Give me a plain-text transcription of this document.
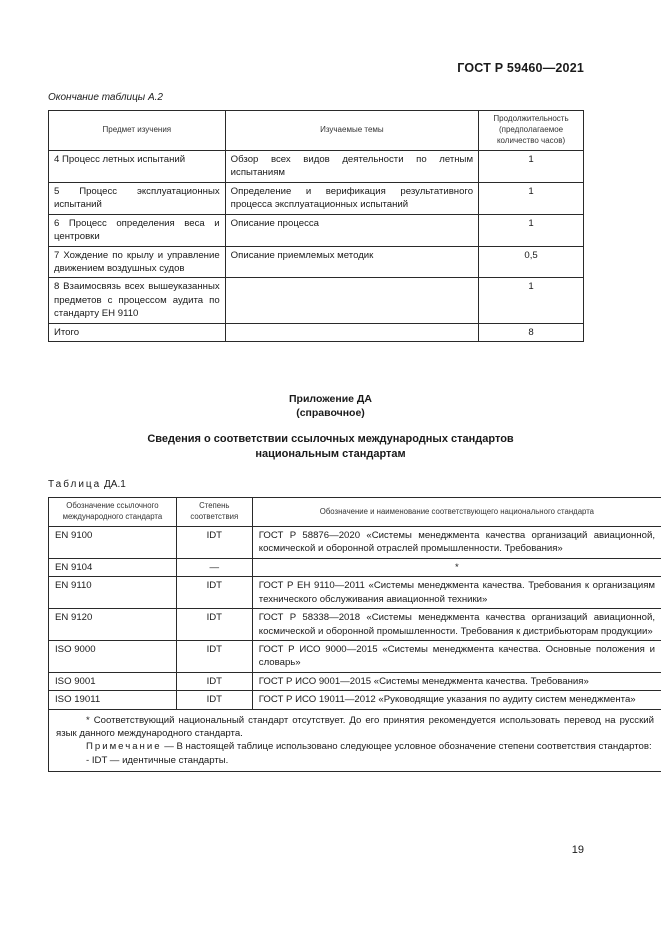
ГОСТ Р 59460—2021
Окончание таблицы А.2
Предмет изучения	Изучаемые темы	Продолжительность (предполагаемое количество часов)
4 Процесс летных испытаний	Обзор всех видов деятельности по летным испытаниям	1
5 Процесс эксплуатационных испытаний	Определение и верификация результативного процесса эксплуатационных испытаний	1
6 Процесс определения веса и центровки	Описание процесса	1
7 Хождение по крылу и управление движением воздушных судов	Описание приемлемых методик	0,5
8 Взаимосвязь всех вышеуказанных предметов с процессом аудита по стандарту ЕН 9110		1
Итого		8
Приложение ДА
(справочное)
Сведения о соответствии ссылочных международных стандартов
национальным стандартам
Таблица ДА.1
Обозначение ссылочного международного стандарта	Степень соответствия	Обозначение и наименование соответствующего национального стандарта
EN 9100	IDT	ГОСТ Р 58876—2020 «Системы менеджмента качества организаций авиационной, космической и оборонной отраслей промышленности. Требования»
EN 9104	—	*
EN 9110	IDT	ГОСТ Р ЕН 9110—2011 «Системы менеджмента качества. Требования к организациям технического обслуживания авиационной техники»
EN 9120	IDT	ГОСТ Р 58338—2018 «Системы менеджмента качества организаций авиационной, космической и оборонной промышленности. Требования к дистрибьюторам продукции»
ISO 9000	IDT	ГОСТ Р ИСО 9000—2015 «Системы менеджмента качества. Основные положения и словарь»
ISO 9001	IDT	ГОСТ Р ИСО 9001—2015 «Системы менеджмента качества. Требования»
ISO 19011	IDT	ГОСТ Р ИСО 19011—2012 «Руководящие указания по аудиту систем менеджмента»

* Соответствующий национальный стандарт отсутствует. До его принятия рекомендуется использовать перевод на русский язык данного международного стандарта.

Примечание — В настоящей таблице использовано следующее условное обозначение степени соответствия стандартов:

- IDT — идентичные стандарты.		

19
